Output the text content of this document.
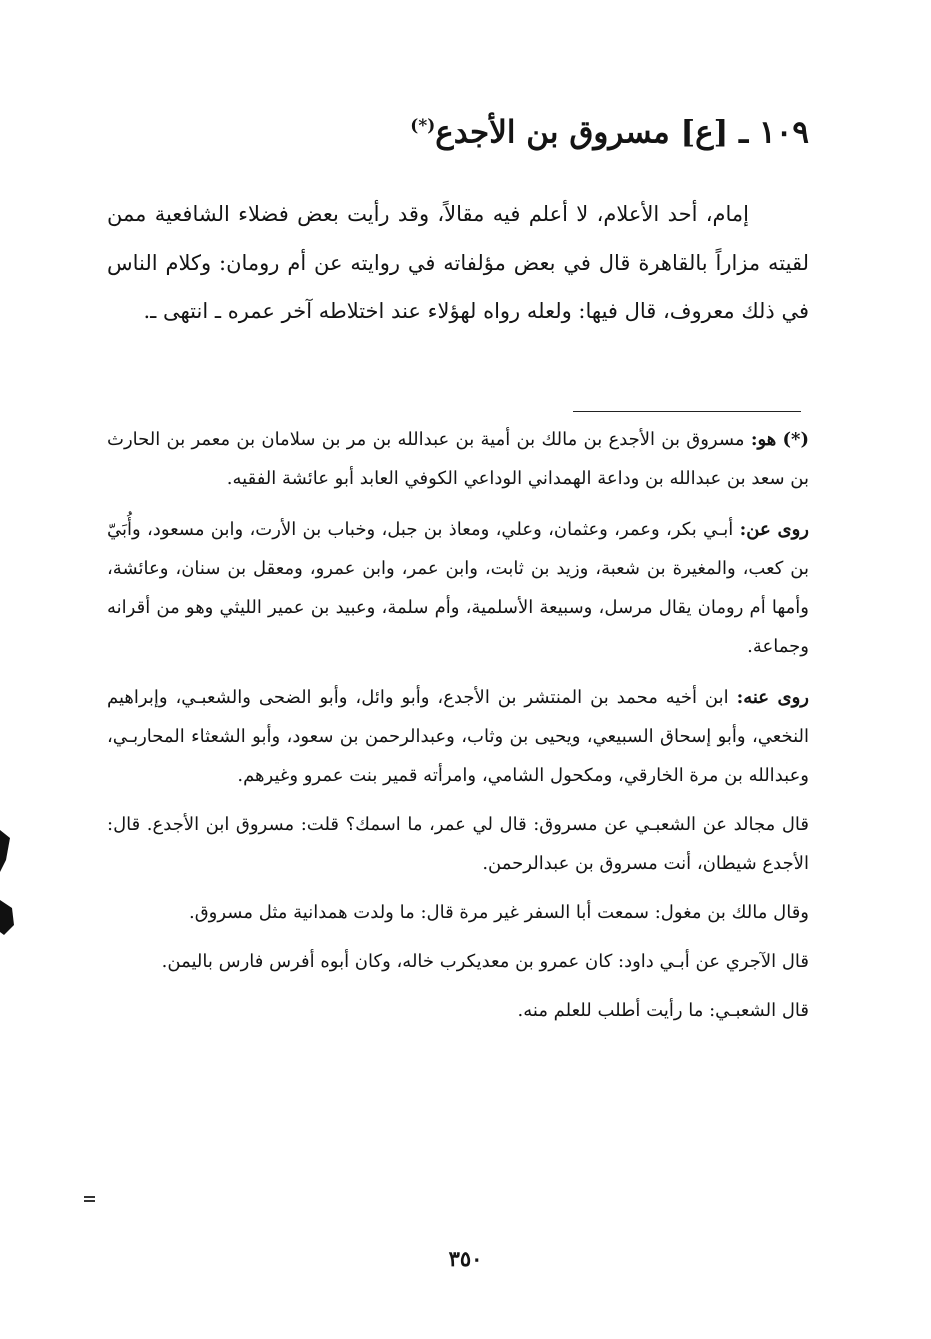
١٠٩ ـ [ع] مسروق بن الأجدع(*)

إمام، أحد الأعلام، لا أعلم فيه مقالاً، وقد رأيت بعض فضلاء الشافعية ممن لقيته مزاراً بالقاهرة قال في بعض مؤلفاته في روايته عن أم رومان: وكلام الناس في ذلك معروف، قال فيها: ولعله رواه لهؤلاء عند اختلاطه آخر عمره ـ انتهى ـ.

(*) هو: مسروق بن الأجدع بن مالك بن أمية بن عبدالله بن مر بن سلامان بن معمر بن الحارث بن سعد بن عبدالله بن وداعة الهمداني الوداعي الكوفي العابد أبو عائشة الفقيه.

روى عن: أبـي بكر، وعمر، وعثمان، وعلي، ومعاذ بن جبل، وخباب بن الأرت، وابن مسعود، وأُبَيّ بن كعب، والمغيرة بن شعبة، وزيد بن ثابت، وابن عمر، وابن عمرو، ومعقل بن سنان، وعائشة، وأمها أم رومان يقال مرسل، وسبيعة الأسلمية، وأم سلمة، وعبيد بن عمير الليثي وهو من أقرانه وجماعة.

روى عنه: ابن أخيه محمد بن المنتشر بن الأجدع، وأبو وائل، وأبو الضحى والشعبـي، وإبراهيم النخعي، وأبو إسحاق السبيعي، ويحيى بن وثاب، وعبدالرحمن بن سعود، وأبو الشعثاء المحاربـي، وعبدالله بن مرة الخارقي، ومكحول الشامي، وامرأته قمير بنت عمرو وغيرهم.

قال مجالد عن الشعبـي عن مسروق: قال لي عمر، ما اسمك؟ قلت: مسروق ابن الأجدع. قال: الأجدع شيطان، أنت مسروق بن عبدالرحمن.

وقال مالك بن مغول: سمعت أبا السفر غير مرة قال: ما ولدت همدانية مثل مسروق.

قال الآجري عن أبـي داود: كان عمرو بن معديكرب خاله، وكان أبوه أفرس فارس باليمن.

قال الشعبـي: ما رأيت أطلب للعلم منه.

٣٥٠
